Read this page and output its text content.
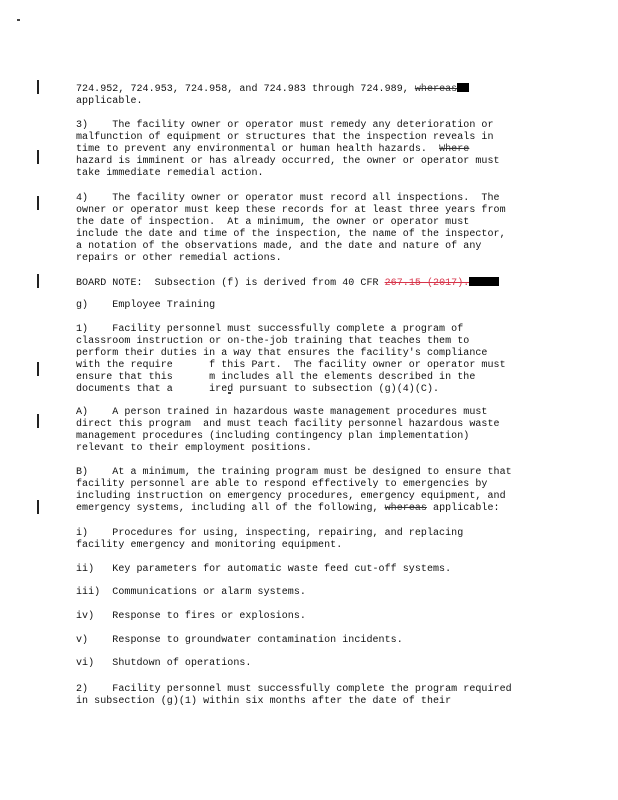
724.952, 724.953, 724.958, and 724.983 through 724.989, whereas
applicable.
3)    The facility owner or operator must remedy any deterioration or
malfunction of equipment or structures that the inspection reveals in
time to prevent any environmental or human health hazards.  Where
hazard is imminent or has already occurred, the owner or operator must
take immediate remedial action.
4)    The facility owner or operator must record all inspections.  The
owner or operator must keep these records for at least three years from
the date of inspection.  At a minimum, the owner or operator must
include the date and time of the inspection, the name of the inspector,
a notation of the observations made, and the date and nature of any
repairs or other remedial actions.
BOARD NOTE:  Subsection (f) is derived from 40 CFR 267.15 (2017).
g)    Employee Training
1)    Facility personnel must successfully complete a program of
classroom instruction or on-the-job training that teaches them to
perform their duties in a way that ensures the facility's compliance
with the require      f this Part.  The facility owner or operator must
ensure that this      m includes all the elements described in the
documents that a      ired pursuant to subsection (g)(4)(C).
A)    A person trained in hazardous waste management procedures must
direct this program  and must teach facility personnel hazardous waste
management procedures (including contingency plan implementation)
relevant to their employment positions.
B)    At a minimum, the training program must be designed to ensure that
facility personnel are able to respond effectively to emergencies by
including instruction on emergency procedures, emergency equipment, and
emergency systems, including all of the following, whereas applicable:
i)    Procedures for using, inspecting, repairing, and replacing
facility emergency and monitoring equipment.
ii)   Key parameters for automatic waste feed cut-off systems.
iii)  Communications or alarm systems.
iv)   Response to fires or explosions.
v)    Response to groundwater contamination incidents.
vi)   Shutdown of operations.
2)    Facility personnel must successfully complete the program required
in subsection (g)(1) within six months after the date of their
